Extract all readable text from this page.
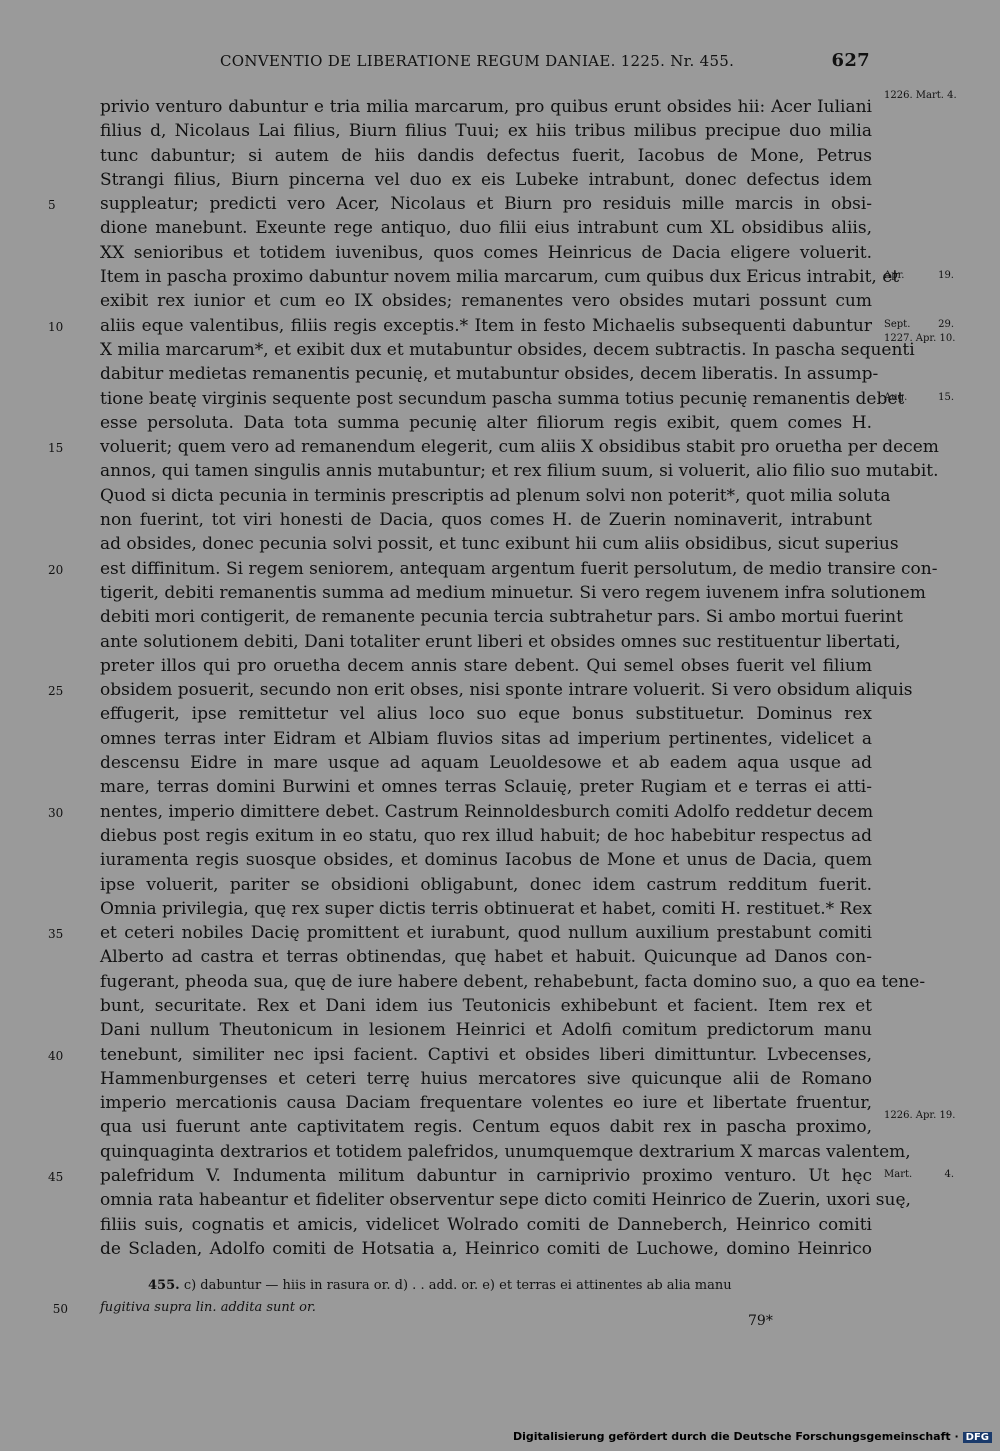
CONVENTIO DE LIBERATIONE REGUM DANIAE. 1225. Nr. 455.	627
privio venturo dabuntur e tria milia marcarum, pro quibus erunt obsides hii: Acer Iuliani
1226. Mart. 4.
filius d, Nicolaus Lai filius, Biurn filius Tuui; ex hiis tribus milibus precipue duo milia
tunc dabuntur; si autem de hiis dandis defectus fuerit, Iacobus de Mone, Petrus
Strangi filius, Biurn pincerna vel duo ex eis Lubeke intrabunt, donec defectus idem
suppleatur; predicti vero Acer, Nicolaus et Biurn pro residuis mille marcis in obsi-
5
dione manebunt. Exeunte rege antiquo, duo filii eius intrabunt cum XL obsidibus aliis,
XX senioribus et totidem iuvenibus, quos comes Heinricus de Dacia eligere voluerit.
Item in pascha proximo dabuntur novem milia marcarum, cum quibus dux Ericus intrabit, et
Apr. 19.
exibit rex iunior et cum eo IX obsides; remanentes vero obsides mutari possunt cum
aliis eque valentibus, filiis regis exceptis.* Item in festo Michaelis subsequenti dabuntur
10	Sept. 29.
X milia marcarum*, et exibit dux et mutabuntur obsides, decem subtractis. In pascha sequenti
1227. Apr. 10.
dabitur medietas remanentis pecunię, et mutabuntur obsides, decem liberatis. In assump-
tione beatę virginis sequente post secundum pascha summa totius pecunię remanentis debet
Aug. 15.
esse persoluta. Data tota summa pecunię alter filiorum regis exibit, quem comes H.
voluerit; quem vero ad remanendum elegerit, cum aliis X obsidibus stabit pro oruetha per decem
15
annos, qui tamen singulis annis mutabuntur; et rex filium suum, si voluerit, alio filio suo mutabit.
Quod si dicta pecunia in terminis prescriptis ad plenum solvi non poterit*, quot milia soluta
non fuerint, tot viri honesti de Dacia, quos comes H. de Zuerin nominaverit, intrabunt
ad obsides, donec pecunia solvi possit, et tunc exibunt hii cum aliis obsidibus, sicut superius
est diffinitum. Si regem seniorem, antequam argentum fuerit persolutum, de medio transire con-
20
tigerit, debiti remanentis summa ad medium minuetur. Si vero regem iuvenem infra solutionem
debiti mori contigerit, de remanente pecunia tercia subtrahetur pars. Si ambo mortui fuerint
ante solutionem debiti, Dani totaliter erunt liberi et obsides omnes suc restituentur libertati,
preter illos qui pro oruetha decem annis stare debent. Qui semel obses fuerit vel filium
obsidem posuerit, secundo non erit obses, nisi sponte intrare voluerit. Si vero obsidum aliquis
25
effugerit, ipse remittetur vel alius loco suo eque bonus substituetur. Dominus rex
omnes terras inter Eidram et Albiam fluvios sitas ad imperium pertinentes, videlicet a
descensu Eidre in mare usque ad aquam Leuoldesowe et ab eadem aqua usque ad
mare, terras domini Burwini et omnes terras Sclauię, preter Rugiam et e terras ei atti-
nentes, imperio dimittere debet. Castrum Reinnoldesburch comiti Adolfo reddetur decem
30
diebus post regis exitum in eo statu, quo rex illud habuit; de hoc habebitur respectus ad
iuramenta regis suosque obsides, et dominus Iacobus de Mone et unus de Dacia, quem
ipse voluerit, pariter se obsidioni obligabunt, donec idem castrum redditum fuerit.
Omnia privilegia, quę rex super dictis terris obtinuerat et habet, comiti H. restituet.* Rex
et ceteri nobiles Dacię promittent et iurabunt, quod nullum auxilium prestabunt comiti
35
Alberto ad castra et terras obtinendas, quę habet et habuit. Quicunque ad Danos con-
fugerant, pheoda sua, quę de iure habere debent, rehabebunt, facta domino suo, a quo ea tene-
bunt, securitate. Rex et Dani idem ius Teutonicis exhibebunt et facient. Item rex et
Dani nullum Theutonicum in lesionem Heinrici et Adolfi comitum predictorum manu
tenebunt, similiter nec ipsi facient. Captivi et obsides liberi dimittuntur. Lvbecenses,
40
Hammenburgenses et ceteri terrę huius mercatores sive quicunque alii de Romano
imperio mercationis causa Daciam frequentare volentes eo iure et libertate fruentur,
qua usi fuerunt ante captivitatem regis. Centum equos dabit rex in pascha proximo,
1226. Apr. 19.
quinquaginta dextrarios et totidem palefridos, unumquemque dextrarium X marcas valentem,
palefridum V. Indumenta militum dabuntur in carniprivio proximo venturo. Ut hęc
45	Mart. 4.
omnia rata habeantur et fideliter observentur sepe dicto comiti Heinrico de Zuerin, uxori suę,
filiis suis, cognatis et amicis, videlicet Wolrado comiti de Danneberch, Heinrico comiti
de Scladen, Adolfo comiti de Hotsatia a, Heinrico comiti de Luchowe, domino Heinrico
455. c) dabuntur — hiis in rasura or. d) . . add. or. e) et terras ei attinentes ab alia manu
50 fugitiva supra lin. addita sunt or.
79*
Digitalisierung gefördert durch die Deutsche Forschungsgemeinschaft · DFG
